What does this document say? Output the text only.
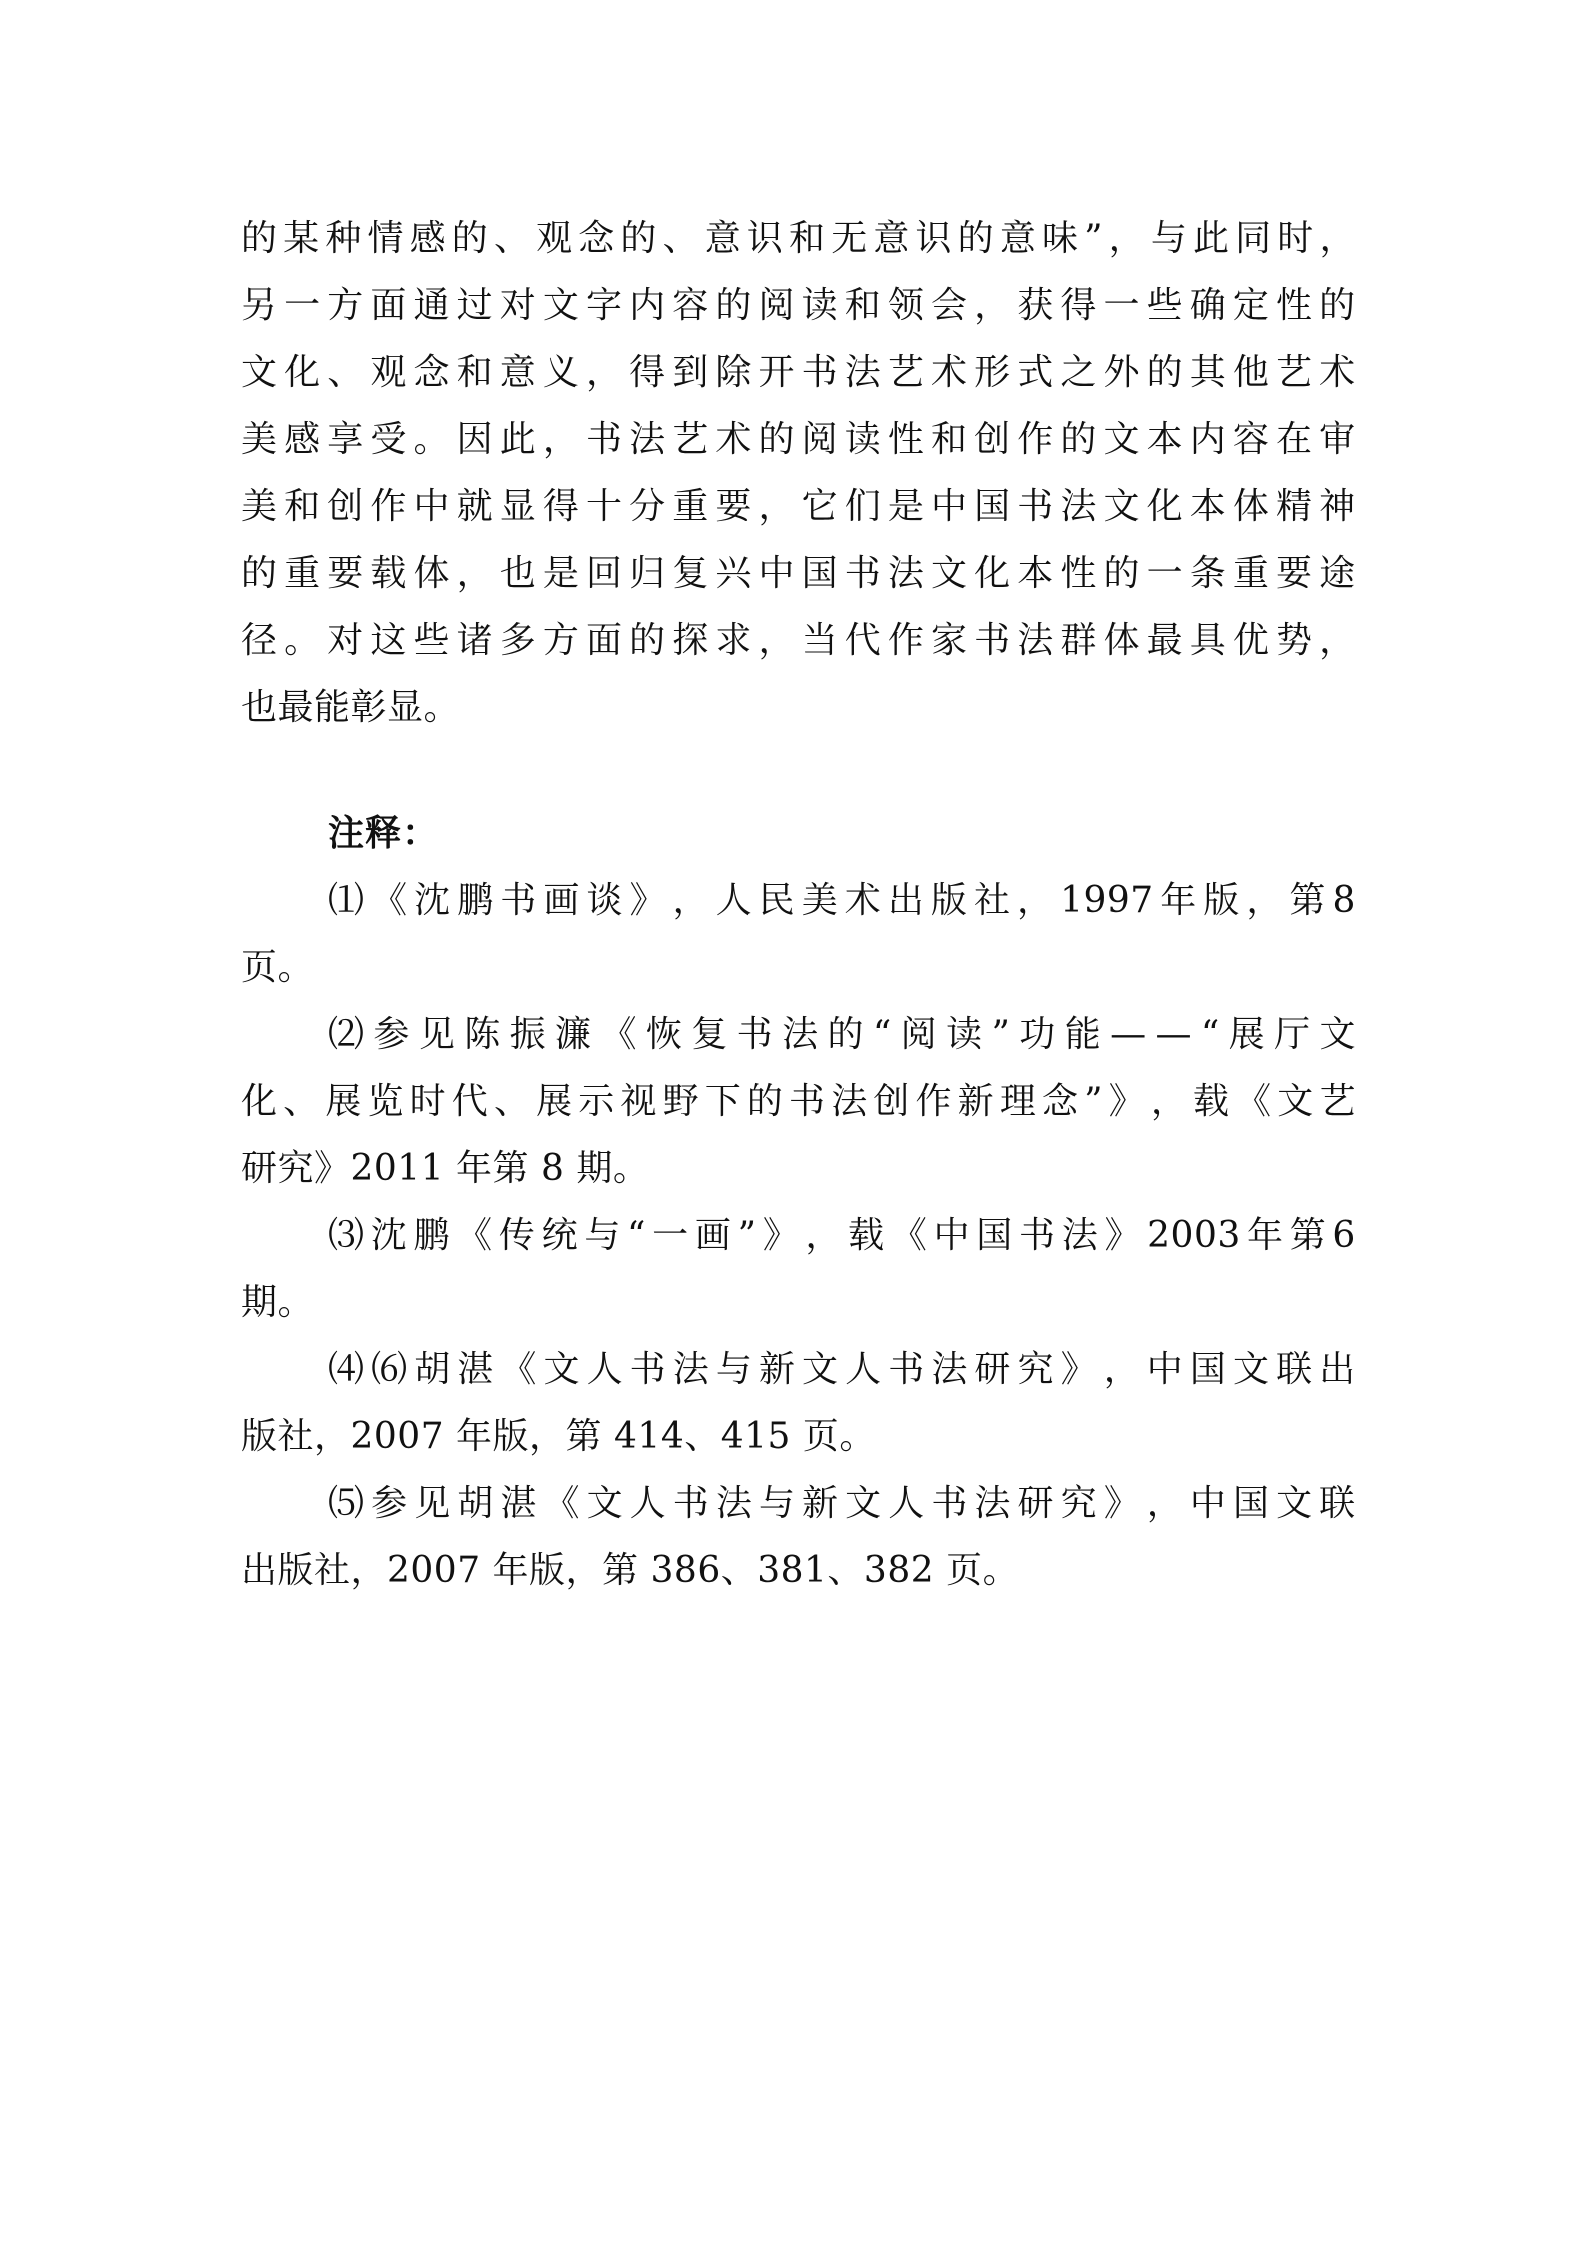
的 某 种 情 感 的 、 观 念 的 、 意 识 和 无 意 识 的 意 味 ” ， 与 此 同 时 ，
另 一 方 面 通 过 对 文 字 内 容 的 阅 读 和 领 会 ， 获 得 一 些 确 定 性 的
文 化 、 观 念 和 意 义 ， 得 到 除 开 书 法 艺 术 形 式 之 外 的 其 他 艺 术
美 感 享 受 。 因 此 ， 书 法 艺 术 的 阅 读 性 和 创 作 的 文 本 内 容 在 审
美 和 创 作 中 就 显 得 十 分 重 要 ， 它 们 是 中 国 书 法 文 化 本 体 精 神
的 重 要 载 体 ， 也 是 回 归 复 兴 中 国 书 法 文 化 本 性 的 一 条 重 要 途
径 。 对 这 些 诸 多 方 面 的 探 求 ， 当 代 作 家 书 法 群 体 最 具 优 势 ，
也最能彰显。
注释：
⑴ 《 沈 鹏 书 画 谈 》 ， 人 民 美 术 出 版 社 ， 1997 年 版 ， 第 8
页。
⑵ 参 见 陈 振 濂 《 恢 复 书 法 的 “ 阅 读 ” 功 能 — — “ 展 厅 文
化 、 展 览 时 代 、 展 示 视 野 下 的 书 法 创 作 新 理 念 ” 》 ， 载 《 文 艺
研究》2011 年第 8 期。
⑶ 沈 鹏 《 传 统 与 “ 一 画 ” 》 ， 载 《 中 国 书 法 》 2003 年 第 6
期。
⑷ ⑹ 胡 湛 《 文 人 书 法 与 新 文 人 书 法 研 究 》 ， 中 国 文 联 出
版社，2007 年版，第 414、415 页。
⑸ 参 见 胡 湛 《 文 人 书 法 与 新 文 人 书 法 研 究 》 ， 中 国 文 联
出版社，2007 年版，第 386、381、382 页。
